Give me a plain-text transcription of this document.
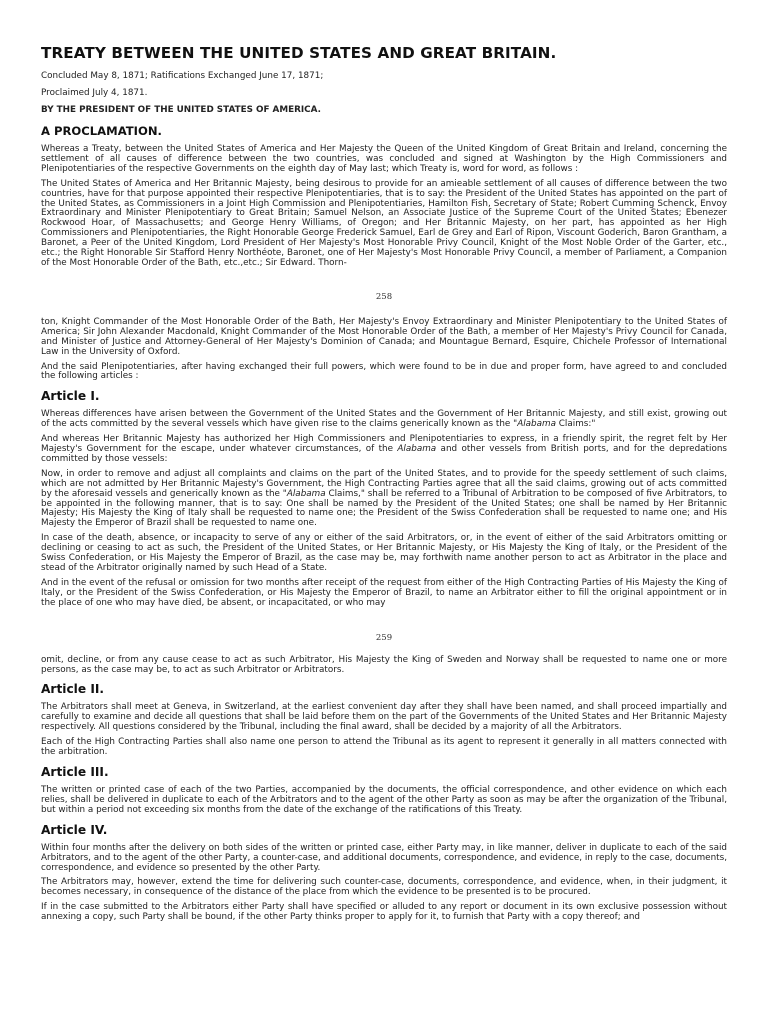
TREATY BETWEEN THE UNITED STATES AND GREAT BRITAIN.
Concluded May 8, 1871; Ratifications Exchanged June 17, 1871;
Proclaimed July 4, 1871.
BY THE PRESIDENT OF THE UNITED STATES OF AMERICA.
A PROCLAMATION.

Whereas a Treaty, between the United States of America and Her Majesty the Queen of the United Kingdom of Great Britain and Ireland, concerning the settlement of all causes of difference between the two countries, was concluded and signed at Washington by the High Commissioners and Plenipotentiaries of the respective Governments on the eighth day of May last; which Treaty is, word for word, as follows :

The United States of America and Her Britannic Majesty, being desirous to provide for an amieable settlement of all causes of difference between the two countries, have for that purpose appointed their respective Plenipotentiaries, that is to say: the President of the United States has appointed on the part of the United States, as Commissioners in a Joint High Commission and Plenipotentiaries, Hamilton Fish, Secretary of State; Robert Cumming Schenck, Envoy Extraordinary and Minister Plenipotentiary to Great Britain; Samuel Nelson, an Associate Justice of the Supreme Court of the United States; Ebenezer Rockwood Hoar, of Massachusetts; and George Henry Williams, of Oregon; and Her Britannic Majesty, on her part, has appointed as her High Commissioners and Plenipotentiaries, the Right Honorable George Frederick Samuel, Earl de Grey and Earl of Ripon, Viscount Goderich, Baron Grantham, a Baronet, a Peer of the United Kingdom, Lord President of Her Majesty's Most Honorable Privy Council, Knight of the Most Noble Order of the Garter, etc., etc.; the Right Honorable Sir Stafford Henry Northéote, Baronet, one of Her Majesty's Most Honorable Privy Council, a member of Parliament, a Companion of the Most Honorable Order of the Bath, etc.,etc.; Sir Edward. Thorn-

258

ton, Knight Commander of the Most Honorable Order of the Bath, Her Majesty's Envoy Extraordinary and Minister Plenipotentiary to the United States of America; Sir John Alexander Macdonald, Knight Commander of the Most Honorable Order of the Bath, a member of Her Majesty's Privy Council for Canada, and Minister of Justice and Attorney-General of Her Majesty's Dominion of Canada; and Mountague Bernard, Esquire, Chichele Professor of International Law in the University of Oxford.

And the said Plenipotentiaries, after having exchanged their full powers, which were found to be in due and proper form, have agreed to and concluded the following articles :

Article I.

Whereas differences have arisen between the Government of the United States and the Government of Her Britannic Majesty, and still exist, growing out of the acts committed by the several vessels which have given rise to the claims generically known as the "Alabama Claims:"

And whereas Her Britannic Majesty has authorized her High Commissioners and Plenipotentiaries to express, in a friendly spirit, the regret felt by Her Majesty's Government for the escape, under whatever circumstances, of the Alabama and other vessels from British ports, and for the depredations committed by those vessels:

Now, in order to remove and adjust all complaints and claims on the part of the United States, and to provide for the speedy settlement of such claims, which are not admitted by Her Britannic Majesty's Government, the High Contracting Parties agree that all the said claims, growing out of acts committed by the aforesaid vessels and generically known as the "Alabama Claims," shall be referred to a Tribunal of Arbitration to be composed of five Arbitrators, to be appointed in the following manner, that is to say: One shall be named by the President of the United States; one shall be named by Her Britannic Majesty; His Majesty the King of Italy shall be requested to name one; the President of the Swiss Confederation shall be requested to name one; and His Majesty the Emperor of Brazil shall be requested to name one.

In case of the death, absence, or incapacity to serve of any or either of the said Arbitrators, or, in the event of either of the said Arbitrators omitting or declining or ceasing to act as such, the President of the United States, or Her Britannic Majesty, or His Majesty the King of Italy, or the President of the Swiss Confederation, or His Majesty the Emperor of Brazil, as the case may be, may forthwith name another person to act as Arbitrator in the place and stead of the Arbitrator originally named by such Head of a State.

And in the event of the refusal or omission for two months after receipt of the request from either of the High Contracting Parties of His Majesty the King of Italy, or the President of the Swiss Confederation, or His Majesty the Emperor of Brazil, to name an Arbitrator either to fill the original appointment or in the place of one who may have died, be absent, or incapacitated, or who may

259

omit, decline, or from any cause cease to act as such Arbitrator, His Majesty the King of Sweden and Norway shall be requested to name one or more persons, as the case may be, to act as such Arbitrator or Arbitrators.

Article II.

The Arbitrators shall meet at Geneva, in Switzerland, at the earliest convenient day after they shall have been named, and shall proceed impartially and carefully to examine and decide all questions that shall be laid before them on the part of the Governments of the United States and Her Britannic Majesty respectively. All questions considered by the Tribunal, including the final award, shall be decided by a majority of all the Arbitrators.

Each of the High Contracting Parties shall also name one person to attend the Tribunal as its agent to represent it generally in all matters connected with the arbitration.

Article III.

The written or printed case of each of the two Parties, accompanied by the documents, the official correspondence, and other evidence on which each relies, shall be delivered in duplicate to each of the Arbitrators and to the agent of the other Party as soon as may be after the organization of the Tribunal, but within a period not exceeding six months from the date of the exchange of the ratifications of this Treaty.

Article IV.

Within four months after the delivery on both sides of the written or printed case, either Party may, in like manner, deliver in duplicate to each of the said Arbitrators, and to the agent of the other Party, a counter-case, and additional documents, correspondence, and evidence, in reply to the case, documents, correspondence, and evidence so presented by the other Party.

The Arbitrators may, however, extend the time for delivering such counter-case, documents, correspondence, and evidence, when, in their judgment, it becomes necessary, in consequence of the distance of the place from which the evidence to be presented is to be procured.

If in the case submitted to the Arbitrators either Party shall have specified or alluded to any report or document in its own exclusive possession without annexing a copy, such Party shall be bound, if the other Party thinks proper to apply for it, to furnish that Party with a copy thereof; and
